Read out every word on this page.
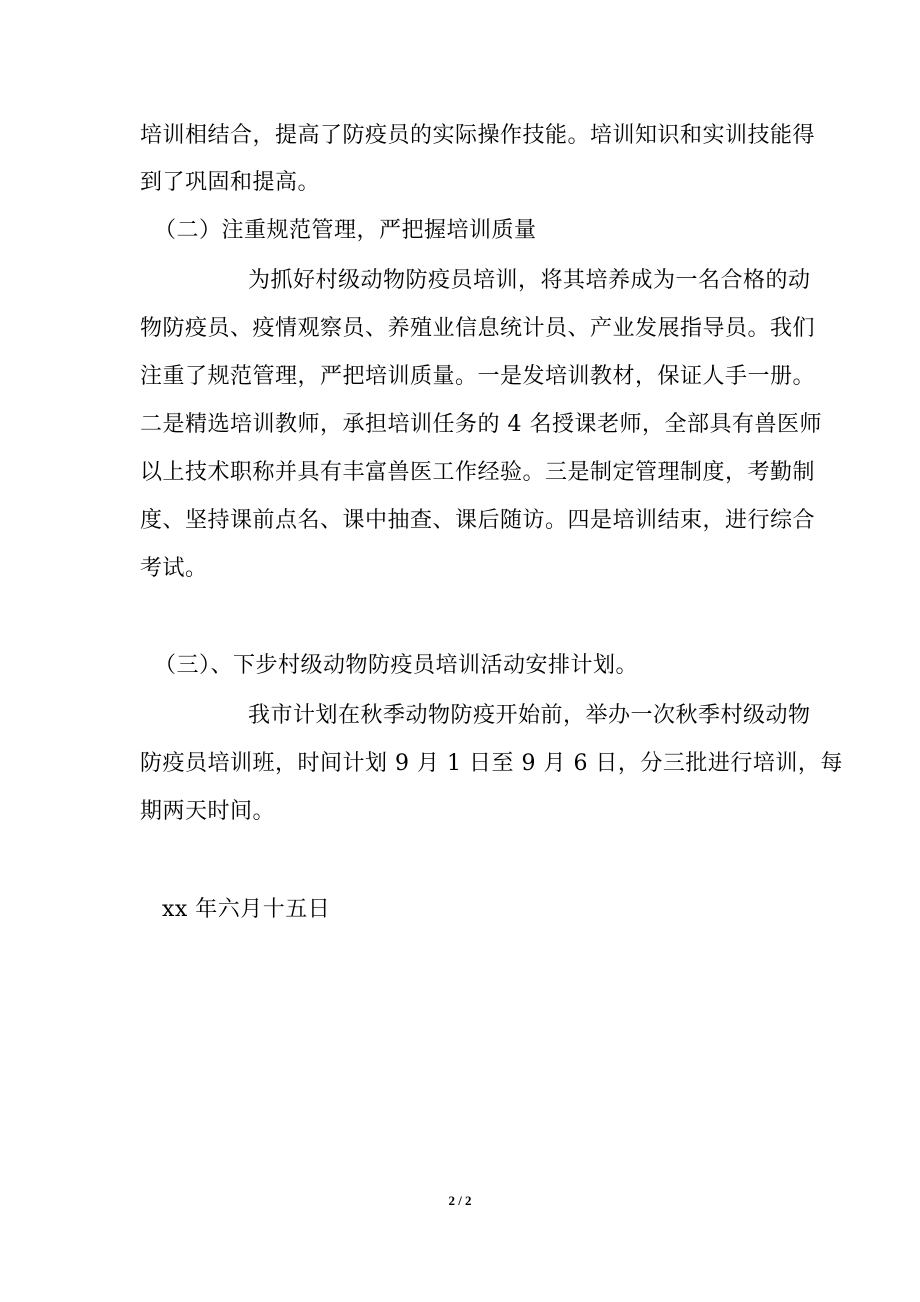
培训相结合，提高了防疫员的实际操作技能。培训知识和实训技能得
到了巩固和提高。
（二）注重规范管理，严把握培训质量
为抓好村级动物防疫员培训，将其培养成为一名合格的动
物防疫员、疫情观察员、养殖业信息统计员、产业发展指导员。我们
注重了规范管理，严把培训质量。一是发培训教材，保证人手一册。
二是精选培训教师，承担培训任务的 4 名授课老师，全部具有兽医师
以上技术职称并具有丰富兽医工作经验。三是制定管理制度，考勤制
度、坚持课前点名、课中抽查、课后随访。四是培训结束，进行综合
考试。
（三）、下步村级动物防疫员培训活动安排计划。
我市计划在秋季动物防疫开始前，举办一次秋季村级动物
防疫员培训班，时间计划 9 月 1 日至 9 月 6 日，分三批进行培训，每
期两天时间。
xx 年六月十五日
2 / 2
